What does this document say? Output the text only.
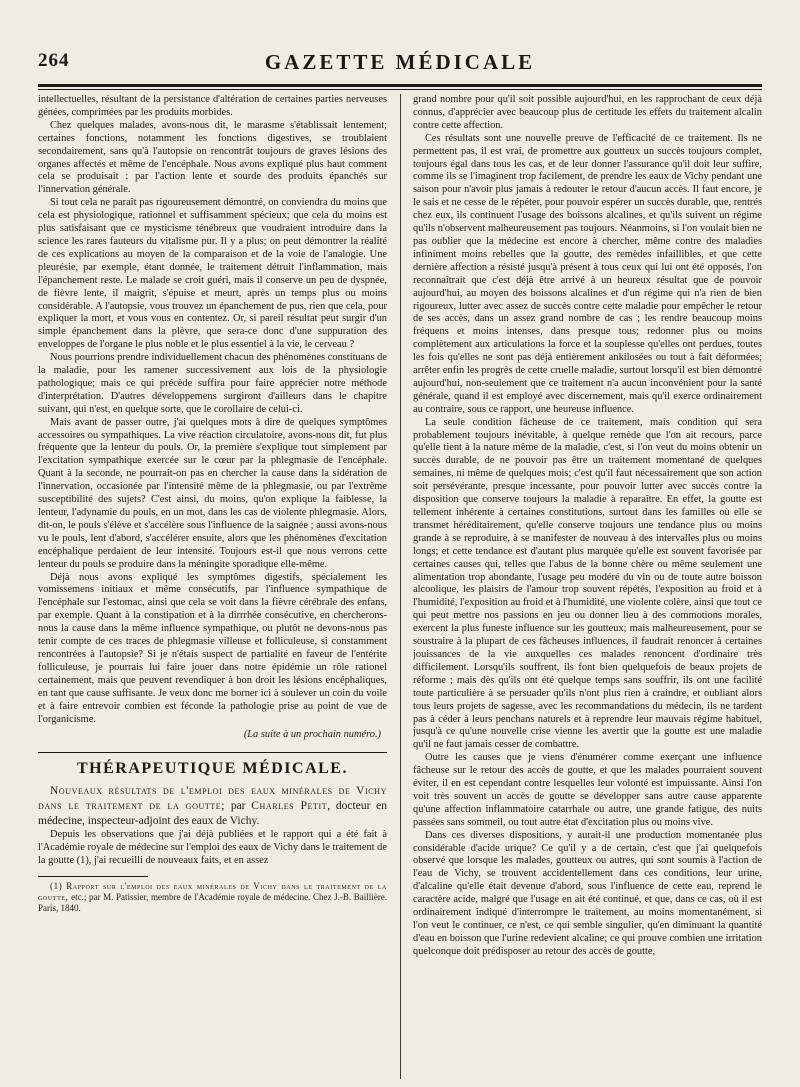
264	GAZETTE MÉDICALE

intellectuelles, résultant de la persistance d'altération de certaines parties nerveuses génées, comprimées par les produits morbides.

Chez quelques malades, avons-nous dit, le marasme s'établissait lentement; certaines fonctions, notamment les fonctions digestives, se troublaient secondairement, sans qu'à l'autopsie on rencontrât toujours de graves lésions des organes affectés et même de l'encéphale. Nous avons expliqué plus haut comment cela se produisait : par l'action lente et sourde des produits épanchés sur l'innervation générale.

Si tout cela ne paraît pas rigoureusement démontré, on conviendra du moins que cela est physiologique, rationnel et suffisamment spécieux; que cela du moins est plus satisfaisant que ce mysticisme ténébreux que voudraient introduire dans la science les rares fauteurs du vitalisme pur. Il y a plus; on peut démontrer la réalité de ces explications au moyen de la comparaison et de la voie de l'analogie. Une pleurésie, par exemple, étant donnée, le traitement détruit l'inflammation, mais l'épanchement reste. Le malade se croit guéri, mais il conserve un peu de dyspnée, de fièvre lente, il maigrit, s'épuise et meurt, après un temps plus ou moins considérable. A l'autopsie, vous trouvez un épanchement de pus, rien que cela, pour expliquer la mort, et vous vous en contentez. Or, si pareil résultat peut surgir d'un simple épanchement dans la plèvre, que sera-ce donc d'une suppuration des enveloppes de l'organe le plus noble et le plus essentiel à la vie, le cerveau ?

Nous pourrions prendre individuellement chacun des phénomènes constituans de la maladie, pour les ramener successivement aux lois de la physiologie pathologique; mais ce qui précède suffira pour faire apprécier notre méthode d'interprétation. D'autres développemens surgiront d'ailleurs dans le chapitre suivant, qui n'est, en quelque sorte, que le corollaire de celui-ci.

Mais avant de passer outre, j'ai quelques mots à dire de quelques symptômes accessoires ou sympathiques. La vive réaction circulatoire, avons-nous dit, fut plus fréquente que la lenteur du pouls. Or, la première s'explique tout simplement par l'excitation sympathique exercée sur le cœur par la phlegmasie de l'encéphale. Quant à la seconde, ne pourrait-on pas en chercher la cause dans la sidération de l'innervation, occasionée par l'intensité même de la phlegmasie, ou par l'extrême susceptibilité des sujets? C'est ainsi, du moins, qu'on explique la faiblesse, la lenteur, l'adynamie du pouls, en un mot, dans les cas de violente phlegmasie. Alors, dit-on, le pouls s'élève et s'accélère sous l'influence de la saignée ; aussi avons-nous vu le pouls, lent d'abord, s'accélérer ensuite, alors que les phénomènes d'excitation encéphalique perdaient de leur intensité. Toujours est-il que nous verrons cette lenteur du pouls se produire dans la méningite sporadique elle-même.

Déjà nous avons expliqué les symptômes digestifs, spécialement les vomissemens initiaux et même consécutifs, par l'influence sympathique de l'encéphale sur l'estomac, ainsi que cela se voit dans la fièvre cérébrale des enfans, par exemple. Quant à la constipation et à la dirrrhée consécutive, en chercherons-nous la cause dans la même influence sympathique, ou plutôt ne devons-nous pas tenir compte de ces traces de phlegmasie villeuse et folliculeuse, si constamment rencontrées à l'autopsie? Si je n'étais suspect de partialité en faveur de l'entérite folliculeuse, je pourrais lui faire jouer dans notre épidémie un rôle rationel certainement, mais que peuvent revendiquer à bon droit les lésions encéphaliques, en tant que cause suffisante. Je veux donc me borner ici à soulever un coin du voile et à faire entrevoir combien est féconde la pathologie prise au point de vue de l'organicisme.

(La suite à un prochain numéro.)

THÉRAPEUTIQUE MÉDICALE.

Nouveaux résultats de l'emploi des eaux minérales de Vichy dans le traitement de la goutte; par Charles Petit, docteur en médecine, inspecteur-adjoint des eaux de Vichy.

Depuis les observations que j'ai déjà publiées et le rapport qui a été fait à l'Académie royale de médecine sur l'emploi des eaux de Vichy dans le traitement de la goutte (1), j'ai recueilli de nouveaux faits, et en assez

(1) Rapport sur l'emploi des eaux minérales de Vichy dans le traitement de la goutte, etc.; par M. Patissier, membre de l'Académie royale de médecine. Chez J.-B. Baillière. Paris, 1840.

grand nombre pour qu'il soit possible aujourd'hui, en les rapprochant de ceux déjà connus, d'apprécier avec beaucoup plus de certitude les effets du traitement alcalin contre cette affection.

Ces résultats sont une nouvelle preuve de l'efficacité de ce traitement. Ils ne permettent pas, il est vrai, de promettre aux goutteux un succès toujours complet, toujours égal dans tous les cas, et de leur donner l'assurance qu'il doit leur suffire, comme ils se l'imaginent trop facilement, de prendre les eaux de Vichy pendant une saison pour n'avoir plus jamais à redouter le retour d'aucun accès. Il faut encore, je le sais et ne cesse de le répéter, pour pouvoir espérer un succès durable, que, rentrés chez eux, ils continuent l'usage des boissons alcalines, et qu'ils suivent un régime qu'ils n'observent malheureusement pas toujours. Néanmoins, si l'on voulait bien ne pas oublier que la médecine est encore à chercher, même contre des maladies infiniment moins rebelles que la goutte, des remèdes infaillibles, et que cette dernière affection a résisté jusqu'à présent à tous ceux qui lui ont été opposés, l'on reconnaîtrait que c'est déjà être arrivé à un heureux résultat que de pouvoir aujourd'hui, au moyen des boissons alcalines et d'un régime qui n'a rien de bien rigoureux, lutter avec assez de succès contre cette maladie pour empêcher le retour de ses accès, dans un assez grand nombre de cas ; les rendre beaucoup moins fréquens et moins intenses, dans presque tous; redonner plus ou moins complètement aux articulations la force et la souplesse qu'elles ont perdues, toutes les fois qu'elles ne sont pas déjà entièrement ankilosées ou tout à fait déformées; arrêter enfin les progrès de cette cruelle maladie, surtout lorsqu'il est bien démontré aujourd'hui, non-seulement que ce traitement n'a aucun inconvénient pour la santé générale, quand il est employé avec discernement, mais qu'il exerce ordinairement au contraire, sous ce rapport, une heureuse influence.

La seule condition fâcheuse de ce traitement, mais condition qui sera probablement toujours inévitable, à quelque remède que l'on ait recours, parce qu'elle tient à la nature même de la maladie, c'est, si l'on veut du moins obtenir un succès durable, de ne pouvoir pas être un traitement momentané de quelques semaines, ni même de quelques mois; c'est qu'il faut nécessairement que son action soit persévérante, presque incessante, pour pouvoir lutter avec succès contre la disposition que conserve toujours la maladie à reparaître. En effet, la goutte est tellement inhérente à certaines constitutions, surtout dans les familles où elle se transmet héréditairement, qu'elle conserve toujours une tendance plus ou moins grande à se reproduire, à se manifester de nouveau à des intervalles plus ou moins longs; et cette tendance est d'autant plus marquée qu'elle est souvent favorisée par certaines causes qui, telles que l'abus de la bonne chère ou même seulement une alimentation trop abondante, l'usage peu modéré du vin ou de toute autre boisson alcoolique, les plaisirs de l'amour trop souvent répétés, l'exposition au froid et à l'humidité, l'exposition au froid et à l'humidité, une violente colère, ainsi que tout ce qui peut mettre nos passions en jeu ou donner lieu à des commotions morales, exercent la plus funeste influence sur les goutteux; mais malheureusement, pour se soustraire à la plupart de ces fâcheuses influences, il faudrait renoncer à certaines jouissances de la vie auxquelles ces malades renoncent d'ordinaire très difficilement. Lorsqu'ils souffrent, ils font bien quelquefois de beaux projets de réforme ; mais dès qu'ils ont été quelque temps sans souffrir, ils ont une facilité toute particulière à se persuader qu'ils n'ont plus rien à craindre, et oubliant alors tous leurs projets de sagesse, avec les recommandations du médecin, ils ne tardent pas à céder à leurs penchans naturels et à reprendre leur mauvais régime habituel, jusqu'à ce qu'une nouvelle crise vienne les avertir que la goutte est une maladie qu'il ne faut jamais cesser de combattre.

Outre les causes que je viens d'énumérer comme exerçant une influence fâcheuse sur le retour des accès de goutte, et que les malades pourraient souvent éviter, il en est cependant contre lesquelles leur volonté est impuissante. Ainsi l'on voit très souvent un accès de goutte se développer sans autre cause apparente qu'une affection inflammatoire catarrhale ou autre, une grande fatigue, des nuits passées sans sommeil, ou tout autre état d'excitation plus ou moins vive.

Dans ces diverses dispositions, y aurait-il une production momentanée plus considérable d'acide urique? Ce qu'il y a de certain, c'est que j'ai quelquefois observé que lorsque les malades, goutteux ou autres, qui sont soumis à l'action de l'eau de Vichy, se trouvent accidentellement dans ces conditions, leur urine, d'alcaline qu'elle était devenue d'abord, sous l'influence de cette eau, reprend le caractère acide, malgré que l'usage en ait été continué, et que, dans ce cas, où il est ordinairement indiqué d'interrompre le traitement, au moins momentanément, si l'on veut le continuer, ce n'est, ce qui semble singulier, qu'en diminuant la quantité d'eau en boisson que l'urine redevient alcaline; ce qui prouve combien une irritation quelconque doit prédisposer au retour des accès de goutte,
